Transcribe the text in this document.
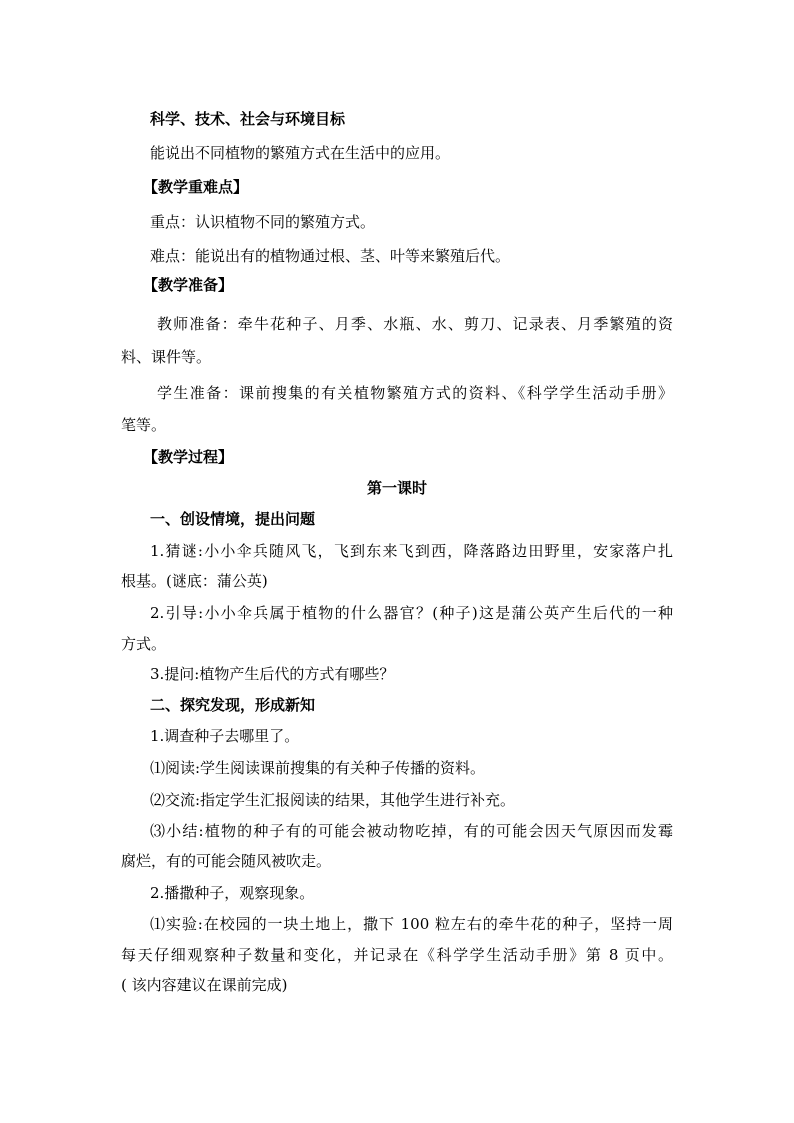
科学、技术、社会与环境目标
能说出不同植物的繁殖方式在生活中的应用。
【教学重难点】
重点：认识植物不同的繁殖方式。
难点：能说出有的植物通过根、茎、叶等来繁殖后代。
【教学准备】
教师准备：牵牛花种子、月季、水瓶、水、剪刀、记录表、月季繁殖的资
料、课件等。
学生准备：课前搜集的有关植物繁殖方式的资料、《科学学生活动手册》
笔等。
【教学过程】
第一课时
一、创设情境，提出问题
1.猜谜:小小伞兵随风飞，飞到东来飞到西，降落路边田野里，安家落户扎
根基。(谜底：蒲公英)
2.引导:小小伞兵属于植物的什么器官？(种子)这是蒲公英产生后代的一种
方式。
3.提问:植物产生后代的方式有哪些？
二、探究发现，形成新知
1.调查种子去哪里了。
⑴阅读:学生阅读课前搜集的有关种子传播的资料。
⑵交流:指定学生汇报阅读的结果，其他学生进行补充。
⑶小结:植物的种子有的可能会被动物吃掉，有的可能会因天气原因而发霉
腐烂，有的可能会随风被吹走。
2.播撒种子，观察现象。
⑴实验:在校园的一块土地上，撒下 100 粒左右的牵牛花的种子，坚持一周
每天仔细观察种子数量和变化，并记录在《科学学生活动手册》第 8 页中。
( 该内容建议在课前完成)
